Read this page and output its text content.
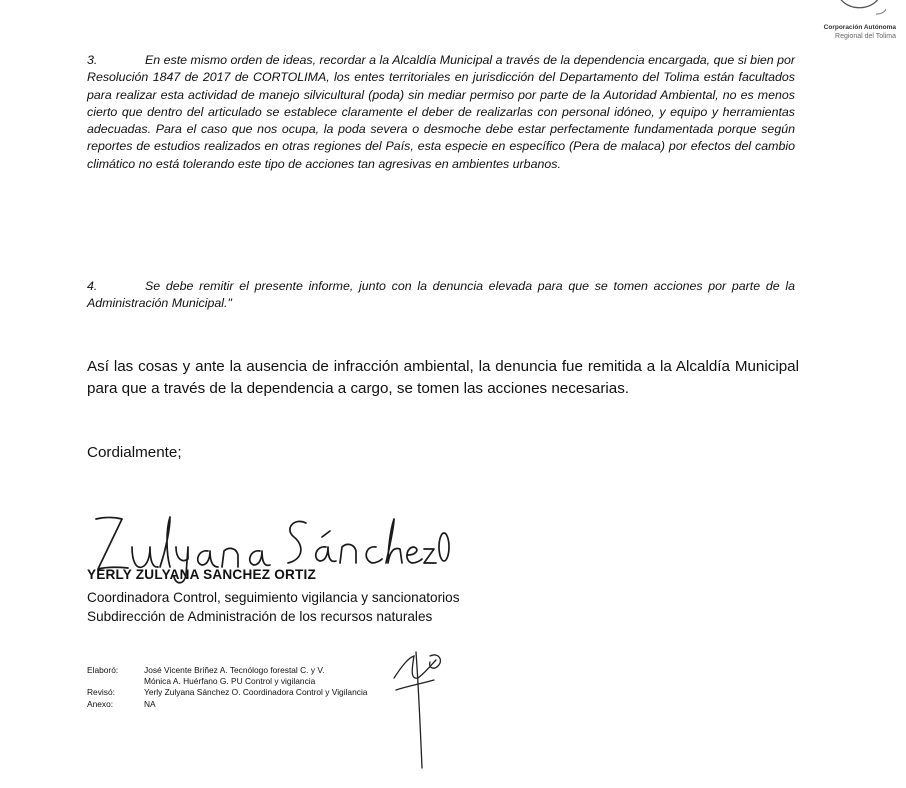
Corporación Autónoma
Regional del Tolima
3.	En este mismo orden de ideas, recordar a la Alcaldía Municipal a través de la dependencia encargada, que si bien por Resolución 1847 de 2017 de CORTOLIMA, los entes territoriales en jurisdicción del Departamento del Tolima están facultados para realizar esta actividad de manejo silvicultural (poda) sin mediar permiso por parte de la Autoridad Ambiental, no es menos cierto que dentro del articulado se establece claramente el deber de realizarlas con personal idóneo, y equipo y herramientas adecuadas. Para el caso que nos ocupa, la poda severa o desmoche debe estar perfectamente fundamentada porque según reportes de estudios realizados en otras regiones del País, esta especie en específico (Pera de malaca) por efectos del cambio climático no está tolerando este tipo de acciones tan agresivas en ambientes urbanos.
4.	Se debe remitir el presente informe, junto con la denuncia elevada para que se tomen acciones por parte de la Administración Municipal."

Así las cosas y ante la ausencia de infracción ambiental, la denuncia fue remitida a la Alcaldía Municipal para que a través de la dependencia a cargo, se tomen las acciones necesarias.

Cordialmente;

YERLY ZULYANA SANCHEZ ORTIZ
Coordinadora Control, seguimiento vigilancia y sancionatorios
Subdirección de Administración de los recursos naturales
Elaboró:	José Vicente Briñez A. Tecnólogo forestal C. y V.
Mónica A. Huérfano G. PU Control y vigilancia
Revisó:	Yerly Zulyana Sánchez O. Coordinadora Control y Vigilancia
Anexo:	NA
